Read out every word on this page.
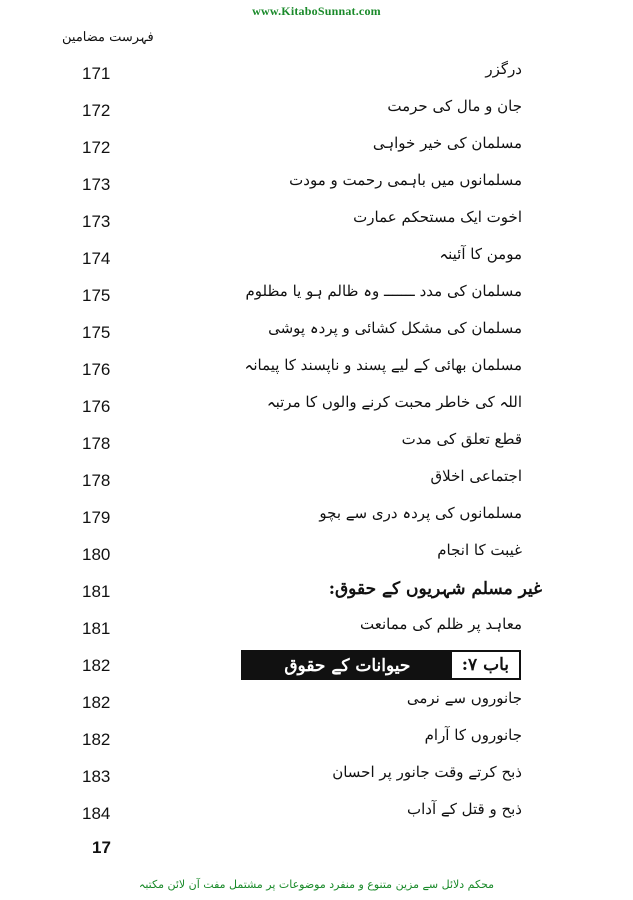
www.KitaboSunnat.com
فہرست مضامین
171	درگزر
172	جان و مال کی حرمت
172	مسلمان کی خیر خواہی
173	مسلمانوں میں باہمی رحمت و مودت
173	اخوت ایک مستحکم عمارت
174	مومن کا آئینہ
175	مسلمان کی مدد ـــــــ وہ ظالم ہو یا مظلوم
175	مسلمان کی مشکل کشائی و پردہ پوشی
176	مسلمان بھائی کے لیے پسند و ناپسند کا پیمانہ
176	اللہ کی خاطر محبت کرنے والوں کا مرتبہ
178	قطع تعلق کی مدت
178	اجتماعی اخلاق
179	مسلمانوں کی پردہ دری سے بچو
180	غیبت کا انجام
181	غیر مسلم شہریوں کے حقوق:
181	معاہد پر ظلم کی ممانعت
182	باب ۷:
حیوانات کے حقوق
182	جانوروں سے نرمی
182	جانوروں کا آرام
183	ذبح کرتے وقت جانور پر احسان
184	ذبح و قتل کے آداب
17
محکم دلائل سے مزین متنوع و منفرد موضوعات پر مشتمل مفت آن لائن مکتبہ
